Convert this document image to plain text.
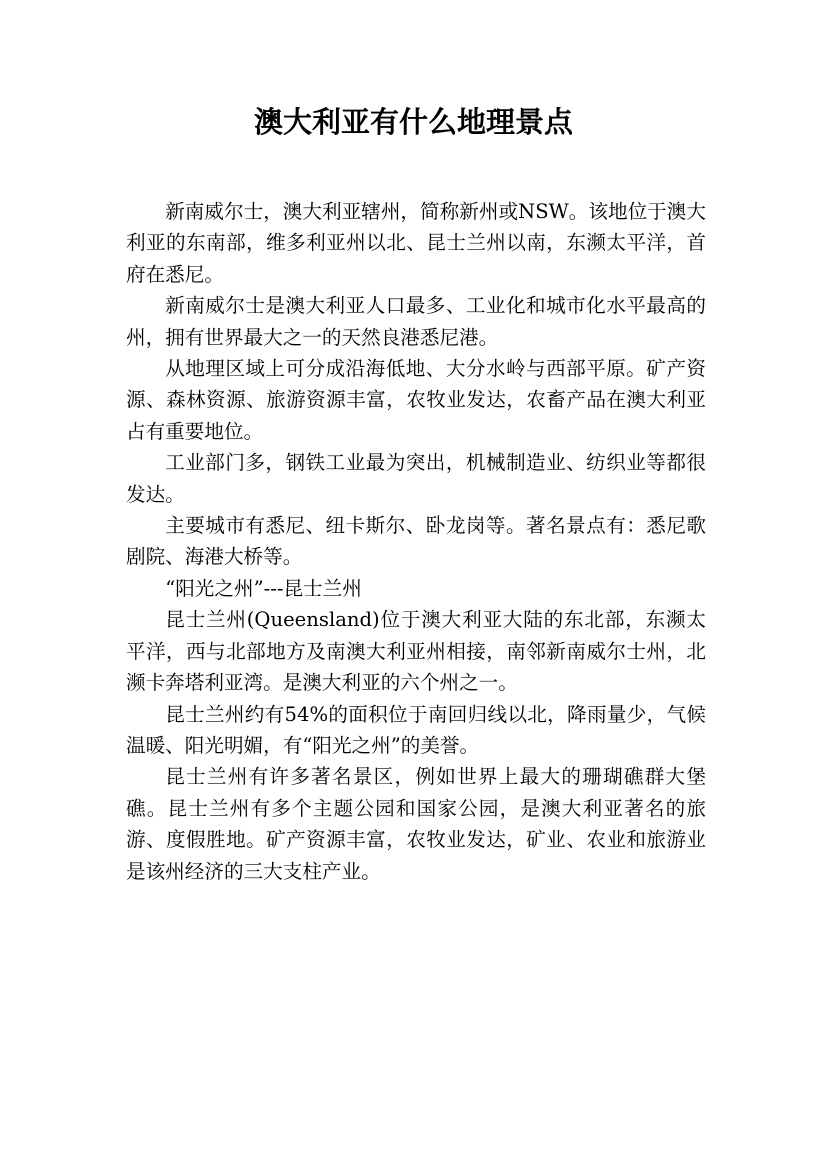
澳大利亚有什么地理景点

新南威尔士，澳大利亚辖州，简称新州或NSW。该地位于澳大利亚的东南部，维多利亚州以北、昆士兰州以南，东濒太平洋，首府在悉尼。

新南威尔士是澳大利亚人口最多、工业化和城市化水平最高的州，拥有世界最大之一的天然良港悉尼港。

从地理区域上可分成沿海低地、大分水岭与西部平原。矿产资源、森林资源、旅游资源丰富，农牧业发达，农畜产品在澳大利亚占有重要地位。

工业部门多，钢铁工业最为突出，机械制造业、纺织业等都很发达。

主要城市有悉尼、纽卡斯尔、卧龙岗等。著名景点有：悉尼歌剧院、海港大桥等。

“阳光之州”---昆士兰州

昆士兰州(Queensland)位于澳大利亚大陆的东北部，东濒太平洋，西与北部地方及南澳大利亚州相接，南邻新南威尔士州，北濒卡奔塔利亚湾。是澳大利亚的六个州之一。

昆士兰州约有54%的面积位于南回归线以北，降雨量少，气候温暖、阳光明媚，有“阳光之州”的美誉。

昆士兰州有许多著名景区，例如世界上最大的珊瑚礁群大堡礁。昆士兰州有多个主题公园和国家公园，是澳大利亚著名的旅游、度假胜地。矿产资源丰富，农牧业发达，矿业、农业和旅游业是该州经济的三大支柱产业。
